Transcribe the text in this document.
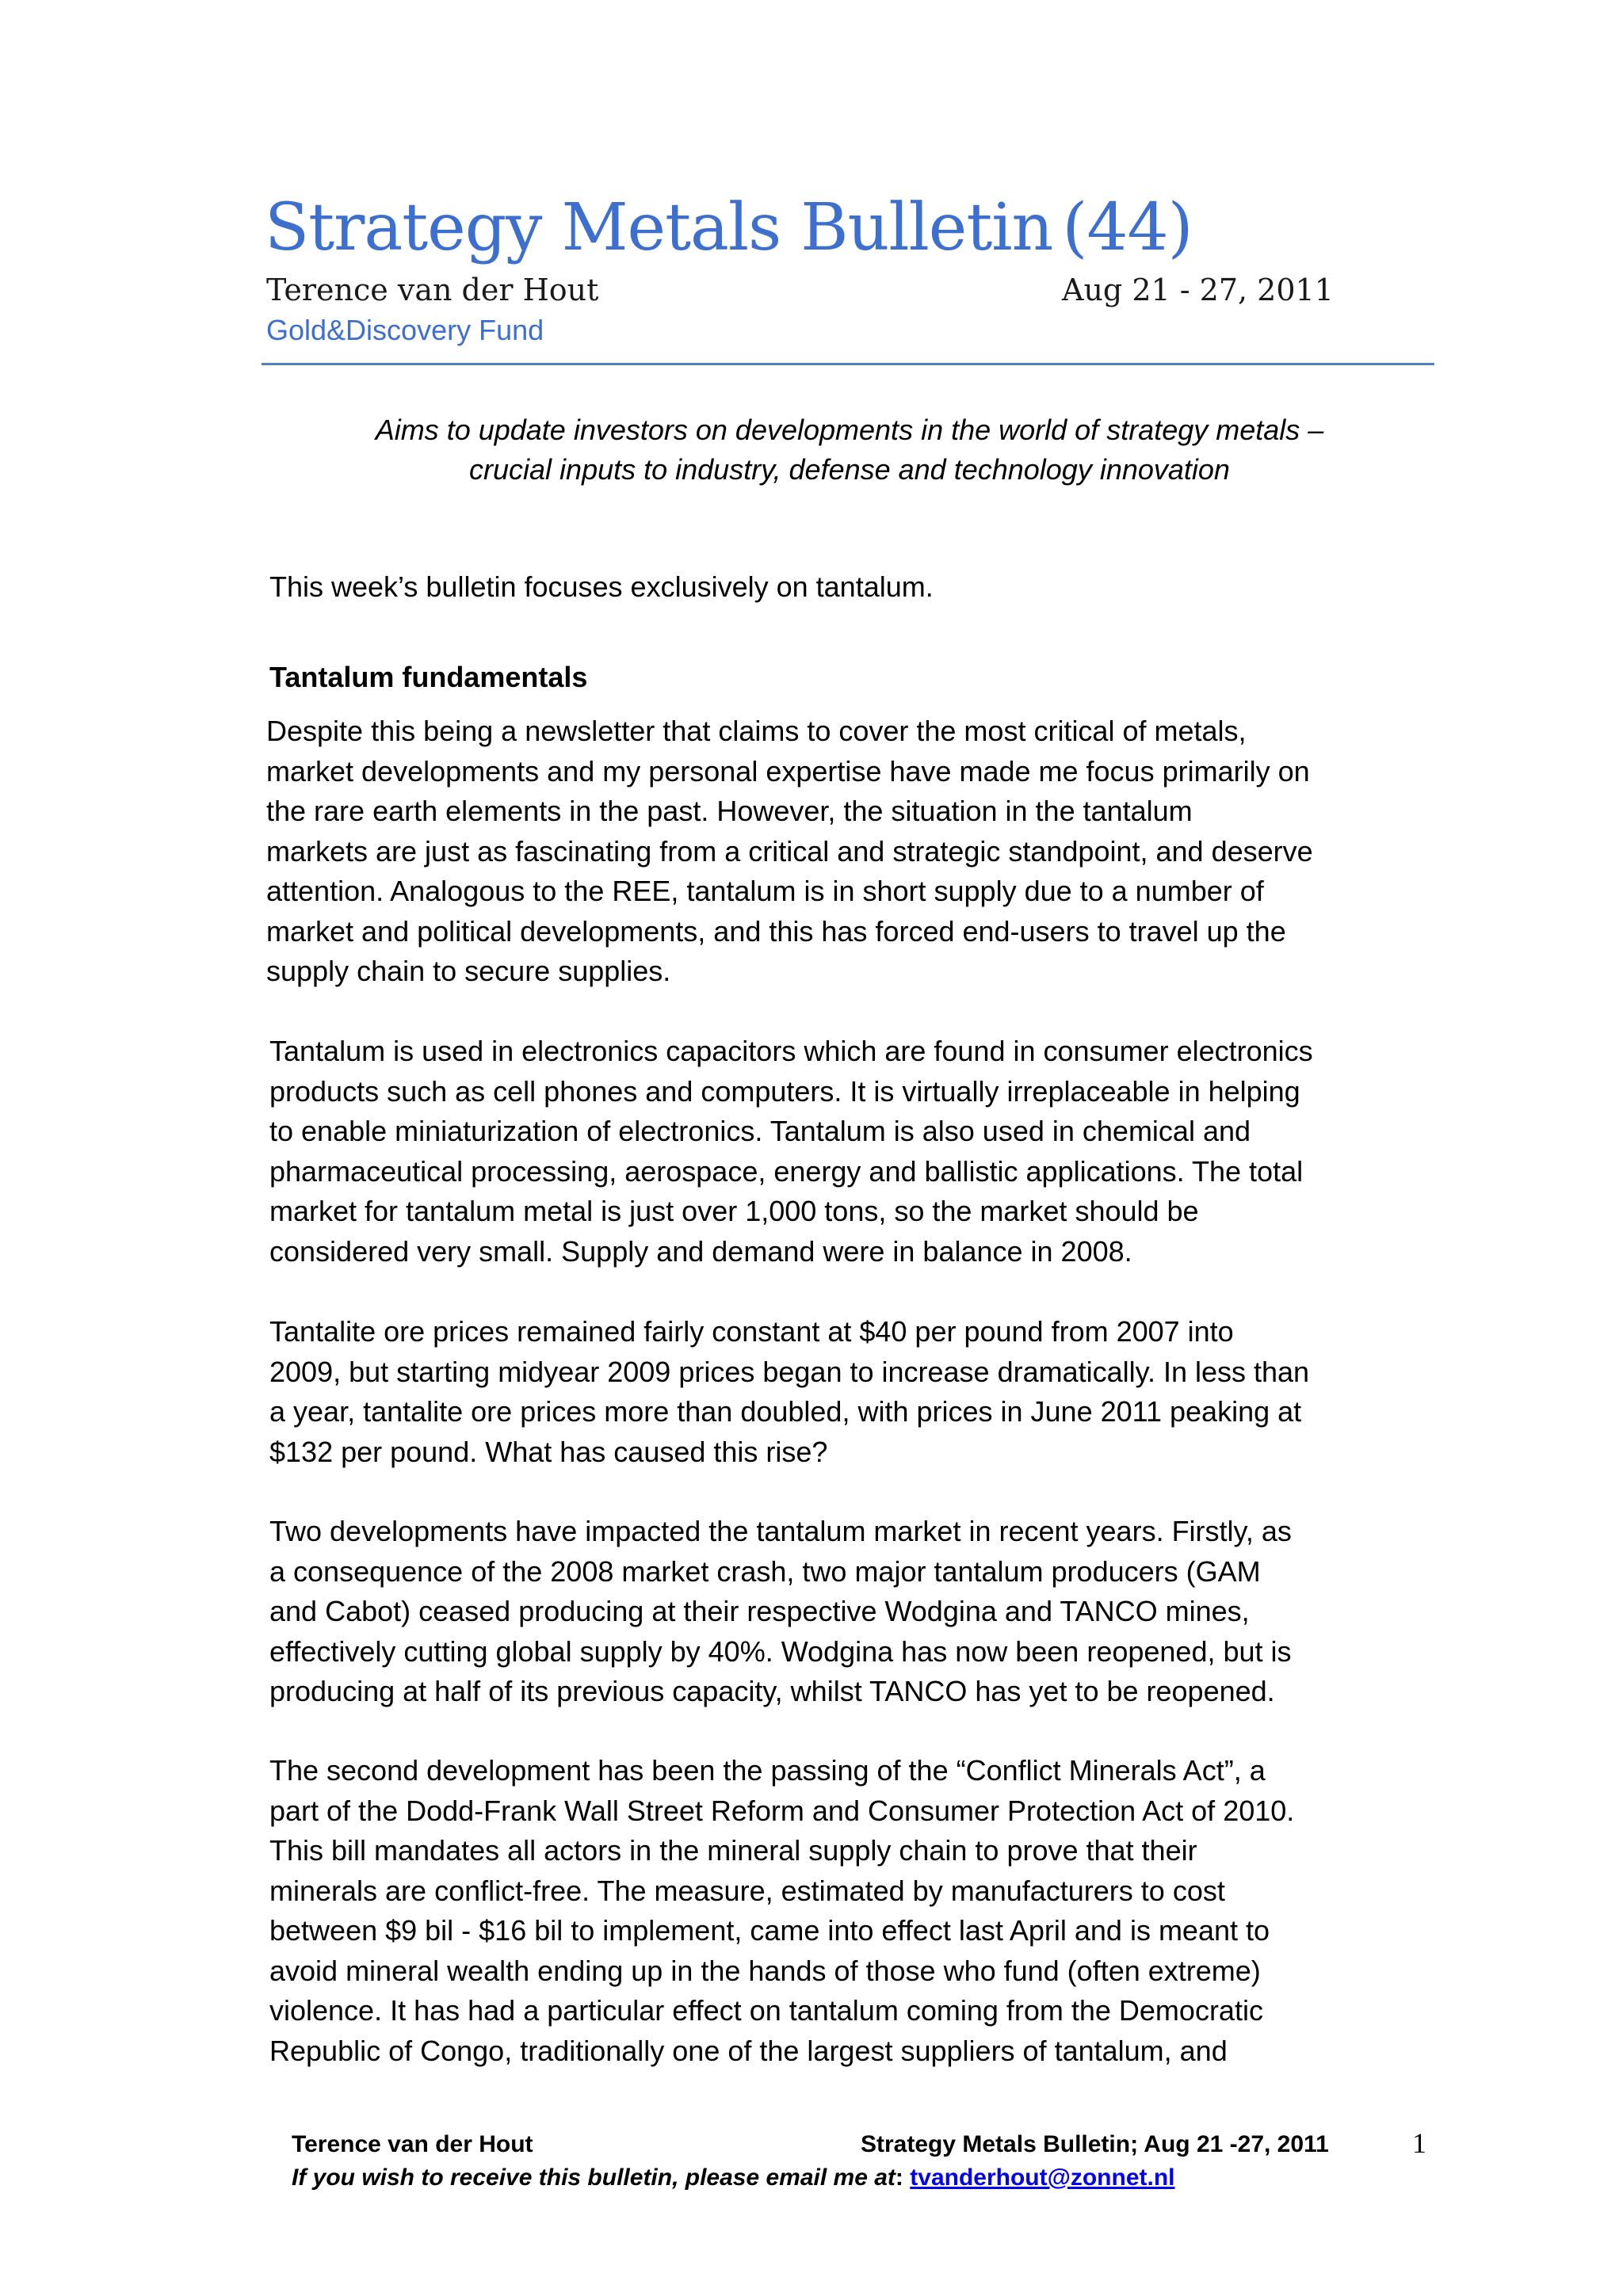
Strategy Metals Bulletin (44)
Terence van der Hout	Aug 21 - 27, 2011
Gold&Discovery Fund
Aims to update investors on developments in the world of strategy metals –
crucial inputs to industry, defense and technology innovation
This week’s bulletin focuses exclusively on tantalum.
Tantalum fundamentals
Despite this being a newsletter that claims to cover the most critical of metals,
market developments and my personal expertise have made me focus primarily on
the rare earth elements in the past. However, the situation in the tantalum
markets are just as fascinating from a critical and strategic standpoint, and deserve
attention. Analogous to the REE, tantalum is in short supply due to a number of
market and political developments, and this has forced end-users to travel up the
supply chain to secure supplies.
Tantalum is used in electronics capacitors which are found in consumer electronics
products such as cell phones and computers. It is virtually irreplaceable in helping
to enable miniaturization of electronics. Tantalum is also used in chemical and
pharmaceutical processing, aerospace, energy and ballistic applications. The total
market for tantalum metal is just over 1,000 tons, so the market should be
considered very small. Supply and demand were in balance in 2008.
Tantalite ore prices remained fairly constant at $40 per pound from 2007 into
2009, but starting midyear 2009 prices began to increase dramatically. In less than
a year, tantalite ore prices more than doubled, with prices in June 2011 peaking at
$132 per pound. What has caused this rise?
Two developments have impacted the tantalum market in recent years. Firstly, as
a consequence of the 2008 market crash, two major tantalum producers (GAM
and Cabot) ceased producing at their respective Wodgina and TANCO mines,
effectively cutting global supply by 40%. Wodgina has now been reopened, but is
producing at half of its previous capacity, whilst TANCO has yet to be reopened.
The second development has been the passing of the “Conflict Minerals Act”, a
part of the Dodd-Frank Wall Street Reform and Consumer Protection Act of 2010.
This bill mandates all actors in the mineral supply chain to prove that their
minerals are conflict-free. The measure, estimated by manufacturers to cost
between $9 bil - $16 bil to implement, came into effect last April and is meant to
avoid mineral wealth ending up in the hands of those who fund (often extreme)
violence. It has had a particular effect on tantalum coming from the Democratic
Republic of Congo, traditionally one of the largest suppliers of tantalum, and
Terence van der Hout	Strategy Metals Bulletin; Aug 21 -27, 2011	1
If you wish to receive this bulletin, please email me at: tvanderhout@zonnet.nl
